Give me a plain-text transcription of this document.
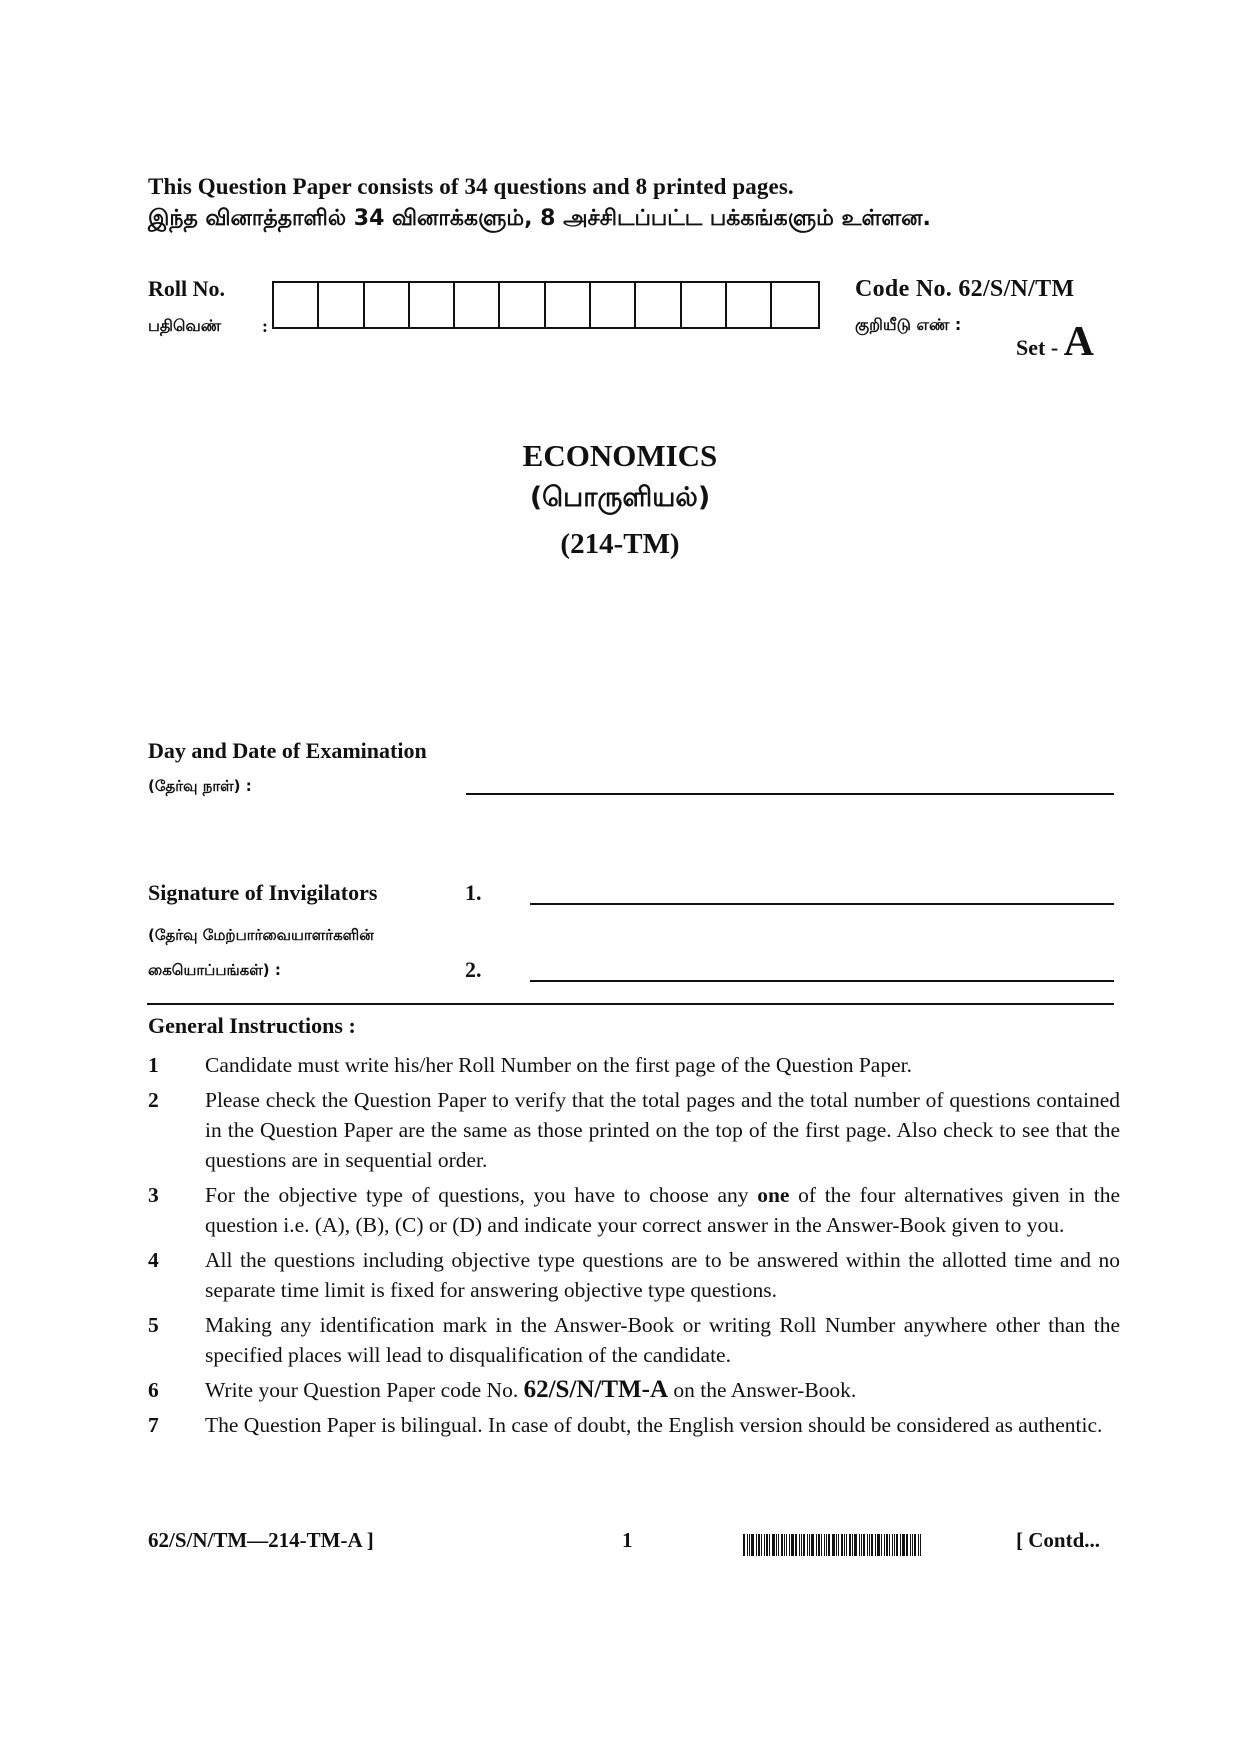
This Question Paper consists of 34 questions and 8 printed pages.
இந்த வினாத்தாளில் 34 வினாக்களும், 8 அச்சிடப்பட்ட பக்கங்களும் உள்ளன.
Roll No.
பதிவெண் :
Code No. 62/S/N/TM
குறியீடு எண் :
Set - A
ECONOMICS
(பொருளியல்)
(214-TM)
Day and Date of Examination
(தேர்வு நாள்) :
Signature of Invigilators
(தேர்வு மேற்பார்வையாளர்களின்
கையொப்பங்கள்) :
1.
2.
General Instructions :
1	Candidate must write his/her Roll Number on the first page of the Question Paper.
2	Please check the Question Paper to verify that the total pages and the total number of questions contained in the Question Paper are the same as those printed on the top of the first page. Also check to see that the questions are in sequential order.
3	For the objective type of questions, you have to choose any one of the four alternatives given in the question i.e. (A), (B), (C) or (D) and indicate your correct answer in the Answer-Book given to you.
4	All the questions including objective type questions are to be answered within the allotted time and no separate time limit is fixed for answering objective type questions.
5	Making any identification mark in the Answer-Book or writing Roll Number anywhere other than the specified places will lead to disqualification of the candidate.
6	Write your Question Paper code No. 62/S/N/TM-A on the Answer-Book.
7	The Question Paper is bilingual. In case of doubt, the English version should be considered as authentic.
62/S/N/TM—214-TM-A ]	1	[ Contd...
